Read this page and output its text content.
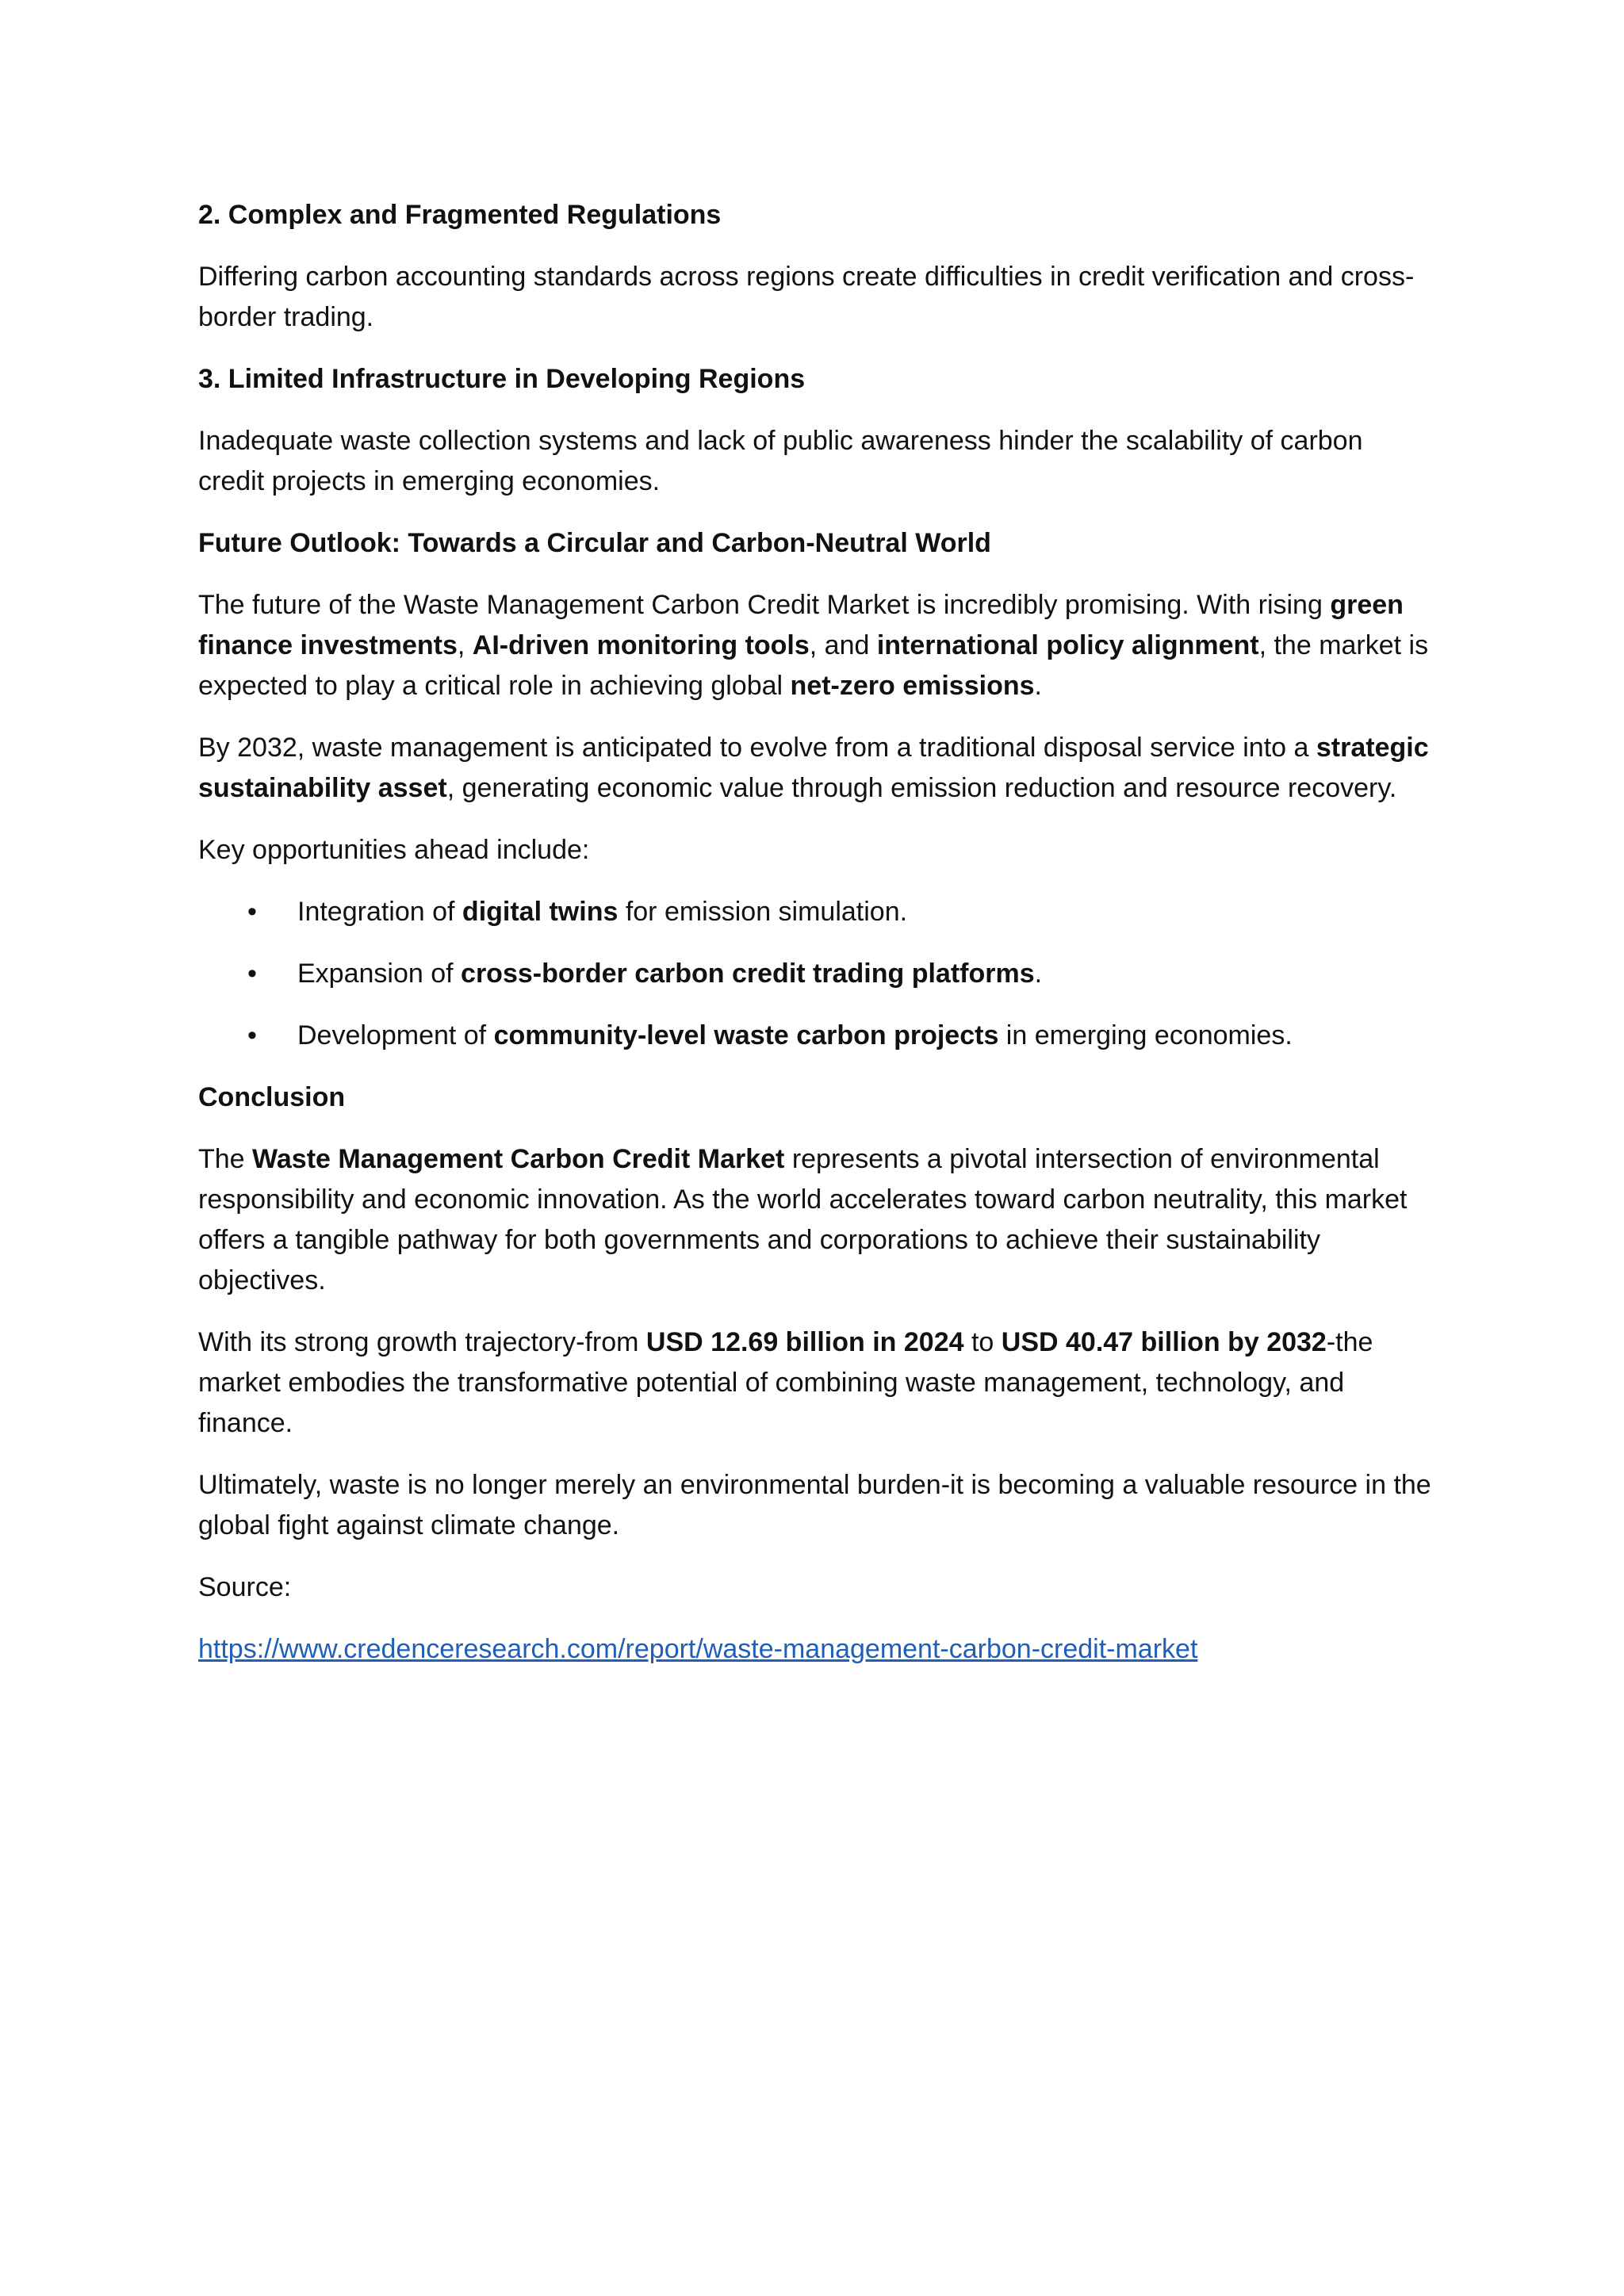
2. Complex and Fragmented Regulations

Differing carbon accounting standards across regions create difficulties in credit verification and cross-border trading.

3. Limited Infrastructure in Developing Regions

Inadequate waste collection systems and lack of public awareness hinder the scalability of carbon credit projects in emerging economies.

Future Outlook: Towards a Circular and Carbon-Neutral World

The future of the Waste Management Carbon Credit Market is incredibly promising. With rising green finance investments, AI-driven monitoring tools, and international policy alignment, the market is expected to play a critical role in achieving global net-zero emissions.

By 2032, waste management is anticipated to evolve from a traditional disposal service into a strategic sustainability asset, generating economic value through emission reduction and resource recovery.

Key opportunities ahead include:

• Integration of digital twins for emission simulation.
• Expansion of cross-border carbon credit trading platforms.
• Development of community-level waste carbon projects in emerging economies.

Conclusion

The Waste Management Carbon Credit Market represents a pivotal intersection of environmental responsibility and economic innovation. As the world accelerates toward carbon neutrality, this market offers a tangible pathway for both governments and corporations to achieve their sustainability objectives.

With its strong growth trajectory-from USD 12.69 billion in 2024 to USD 40.47 billion by 2032-the market embodies the transformative potential of combining waste management, technology, and finance.

Ultimately, waste is no longer merely an environmental burden-it is becoming a valuable resource in the global fight against climate change.

Source:

https://www.credenceresearch.com/report/waste-management-carbon-credit-market
